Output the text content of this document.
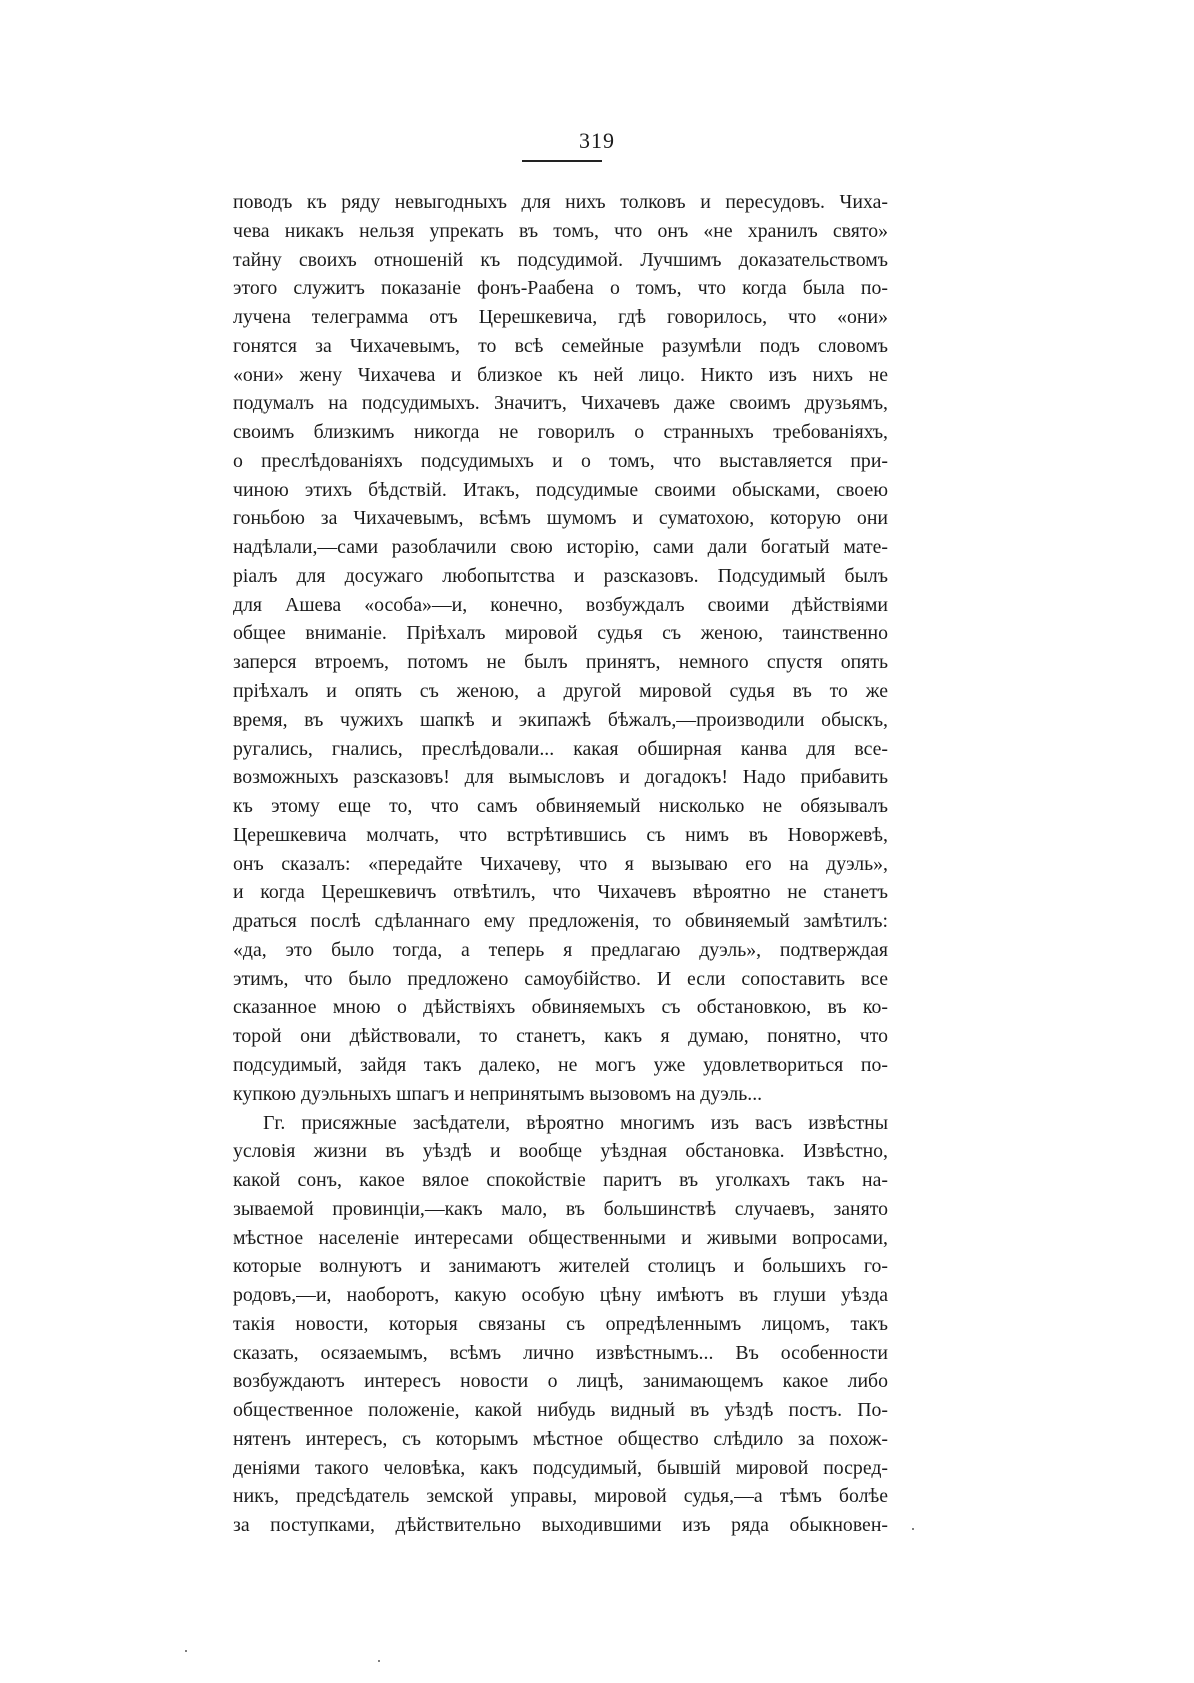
319
поводъ къ ряду невыгодныхъ для нихъ толковъ и пересудовъ. Чиха-
чева никакъ нельзя упрекать въ томъ, что онъ «не хранилъ свято»
тайну своихъ отношенiй къ подсудимой. Лучшимъ доказательствомъ
этого служитъ показанiе фонъ-Раабена о томъ, что когда была по-
лучена телеграмма отъ Церешкевича, гдѣ говорилось, что «они»
гонятся за Чихачевымъ, то всѣ семейные разумѣли подъ словомъ
«они» жену Чихачева и близкое къ ней лицо. Никто изъ нихъ не
подумалъ на подсудимыхъ. Значитъ, Чихачевъ даже своимъ друзьямъ,
своимъ близкимъ никогда не говорилъ о странныхъ требованiяхъ,
о преслѣдованiяхъ подсудимыхъ и о томъ, что выставляется при-
чиною этихъ бѣдствiй. Итакъ, подсудимые своими обысками, своею
гоньбою за Чихачевымъ, всѣмъ шумомъ и суматохою, которую они
надѣлали,—сами разоблачили свою исторiю, сами дали богатый мате-
рiалъ для досужаго любопытства и разсказовъ. Подсудимый былъ
для Ашева «особа»—и, конечно, возбуждалъ своими дѣйствiями
общее вниманiе. Прiѣхалъ мировой судья съ женою, таинственно
заперся втроемъ, потомъ не былъ принятъ, немного спустя опять
прiѣхалъ и опять съ женою, а другой мировой судья въ то же
время, въ чужихъ шапкѣ и экипажѣ бѣжалъ,—производили обыскъ,
ругались, гнались, преслѣдовали... какая обширная канва для все-
возможныхъ разсказовъ! для вымысловъ и догадокъ! Надо прибавить
къ этому еще то, что самъ обвиняемый нисколько не обязывалъ
Церешкевича молчать, что встрѣтившись съ нимъ въ Новоржевѣ,
онъ сказалъ: «передайте Чихачеву, что я вызываю его на дуэль»,
и когда Церешкевичъ отвѣтилъ, что Чихачевъ вѣроятно не станетъ
драться послѣ сдѣланнаго ему предложенiя, то обвиняемый замѣтилъ:
«да, это было тогда, а теперь я предлагаю дуэль», подтверждая
этимъ, что было предложено самоубiйство. И если сопоставить все
сказанное мною о дѣйствiяхъ обвиняемыхъ съ обстановкою, въ ко-
торой они дѣйствовали, то станетъ, какъ я думаю, понятно, что
подсудимый, зайдя такъ далеко, не могъ уже удовлетвориться по-
купкою дуэльныхъ шпагъ и непринятымъ вызовомъ на дуэль...
Гг. присяжные засѣдатели, вѣроятно многимъ изъ васъ извѣстны
условiя жизни въ уѣздѣ и вообще уѣздная обстановка. Извѣстно,
какой сонъ, какое вялое спокойствiе паритъ въ уголкахъ такъ на-
зываемой провинцiи,—какъ мало, въ большинствѣ случаевъ, занято
мѣстное населенiе интересами общественными и живыми вопросами,
которые волнуютъ и занимаютъ жителей столицъ и большихъ го-
родовъ,—и, наоборотъ, какую особую цѣну имѣютъ въ глуши уѣзда
такiя новости, которыя связаны съ опредѣленнымъ лицомъ, такъ
сказать, осязаемымъ, всѣмъ лично извѣстнымъ... Въ особенности
возбуждаютъ интересъ новости о лицѣ, занимающемъ какое либо
общественное положенiе, какой нибудь видный въ уѣздѣ постъ. По-
нятенъ интересъ, съ которымъ мѣстное общество слѣдило за похож-
денiями такого человѣка, какъ подсудимый, бывшiй мировой посред-
никъ, предсѣдатель земской управы, мировой судья,—а тѣмъ болѣе
за поступками, дѣйствительно выходившими изъ ряда обыкновен-
